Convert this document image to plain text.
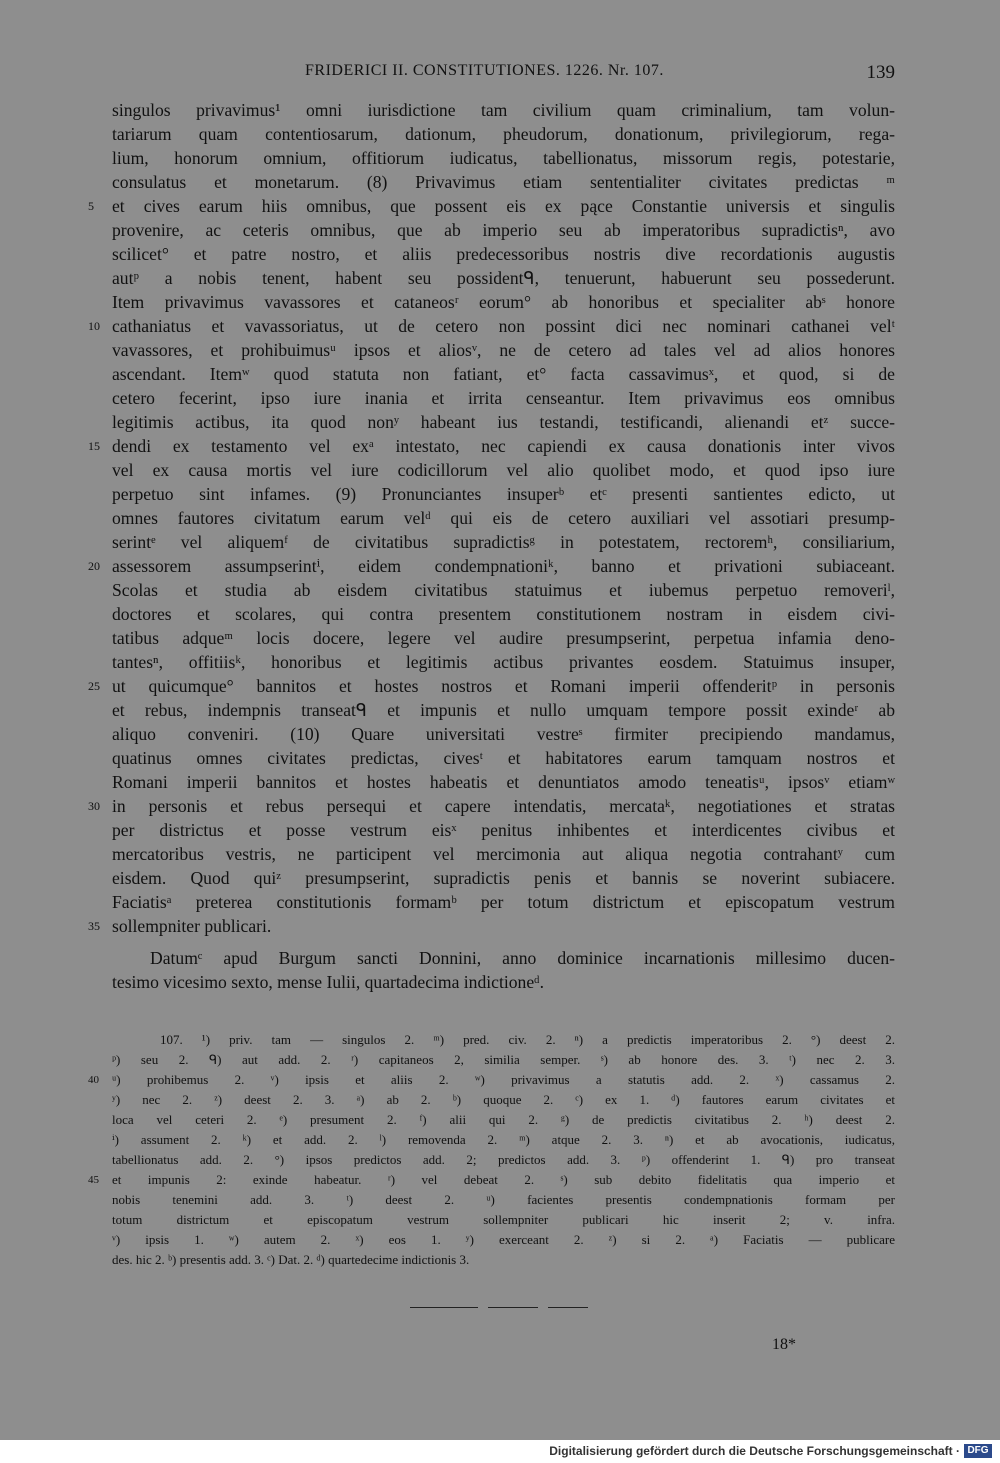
FRIDERICI II. CONSTITUTIONES. 1226. Nr. 107.	139
singulos privavimus¹ omni iurisdictione tam civilium quam criminalium, tam volun-
tariarum quam contentiosarum, dationum, pheudorum, donationum, privilegiorum, rega-
lium, honorum omnium, offitiorum iudicatus, tabellionatus, missorum regis, potestarie,
consulatus et monetarum. (8) Privavimus etiam sententialiter civitates predictas ᵐ
et cives earum hiis omnibus, que possent eis ex pące Constantie universis et singulis
provenire, ac ceteris omnibus, que ab imperio seu ab imperatoribus supradictisⁿ, avo
scilicet° et patre nostro, et aliis predecessoribus nostris dive recordationis augustis
autᵖ a nobis tenent, habent seu possidentᑫ, tenuerunt, habuerunt seu possederunt.
Item privavimus vavassores et cataneosʳ eorum° ab honoribus et specialiter abˢ honore
cathaniatus et vavassoriatus, ut de cetero non possint dici nec nominari cathanei velᵗ
vavassores, et prohibuimusᵘ ipsos et aliosᵛ, ne de cetero ad tales vel ad alios honores
ascendant. Itemʷ quod statuta non fatiant, et° facta cassavimusˣ, et quod, si de
cetero fecerint, ipso iure inania et irrita censeantur. Item privavimus eos omnibus
legitimis actibus, ita quod nonʸ habeant ius testandi, testificandi, alienandi etᶻ succe-
dendi ex testamento vel exᵃ intestato, nec capiendi ex causa donationis inter vivos
vel ex causa mortis vel iure codicillorum vel alio quolibet modo, et quod ipso iure
perpetuo sint infames. (9) Pronunciantes insuperᵇ etᶜ presenti santientes edicto, ut
omnes fautores civitatum earum velᵈ qui eis de cetero auxiliari vel assotiari presump-
serintᵉ vel aliquemᶠ de civitatibus supradictisᵍ in potestatem, rectoremʰ, consiliarium,
assessorem assumpserintⁱ, eidem condempnationiᵏ, banno et privationi subiaceant.
Scolas et studia ab eisdem civitatibus statuimus et iubemus perpetuo removeriˡ,
doctores et scolares, qui contra presentem constitutionem nostram in eisdem civi-
tatibus adqueᵐ locis docere, legere vel audire presumpserint, perpetua infamia deno-
tantesⁿ, offitiisᵏ, honoribus et legitimis actibus privantes eosdem. Statuimus insuper,
ut quicumque° bannitos et hostes nostros et Romani imperii offenderitᵖ in personis
et rebus, indempnis transeatᑫ et impunis et nullo umquam tempore possit exindeʳ ab
aliquo conveniri. (10) Quare universitati vestreˢ firmiter precipiendo mandamus,
quatinus omnes civitates predictas, civesᵗ et habitatores earum tamquam nostros et
Romani imperii bannitos et hostes habeatis et denuntiatos amodo teneatisᵘ, ipsosᵛ etiamʷ
in personis et rebus persequi et capere intendatis, mercataᵏ, negotiationes et stratas
per districtus et posse vestrum eisˣ penitus inhibentes et interdicentes civibus et
mercatoribus vestris, ne participent vel mercimonia aut aliqua negotia contrahantʸ cum
eisdem. Quod quiᶻ presumpserint, supradictis penis et bannis se noverint subiacere.
Faciatisᵃ preterea constitutionis formamᵇ per totum districtum et episcopatum vestrum
sollempniter publicari.
Datumᶜ apud Burgum sancti Donnini, anno dominice incarnationis millesimo ducen-
tesimo vicesimo sexto, mense Iulii, quartadecima indictioneᵈ.
5
10
15
20
25
30
35
107. ¹) priv. tam — singulos 2. ᵐ) pred. civ. 2. ⁿ) a predictis imperatoribus 2. °) deest 2.
ᵖ) seu 2. ᑫ) aut add. 2. ʳ) capitaneos 2, similia semper. ˢ) ab honore des. 3. ᵗ) nec 2. 3.
ᵘ) prohibemus 2. ᵛ) ipsis et aliis 2. ʷ) privavimus a statutis add. 2. ˣ) cassamus 2.
ʸ) nec 2. ᶻ) deest 2. 3. ᵃ) ab 2. ᵇ) quoque 2. ᶜ) ex 1. ᵈ) fautores earum civitates et
loca vel ceteri 2. ᵉ) presument 2. ᶠ) alii qui 2. ᵍ) de predictis civitatibus 2. ʰ) deest 2.
ⁱ) assument 2. ᵏ) et add. 2. ˡ) removenda 2. ᵐ) atque 2. 3. ⁿ) et ab avocationis, iudicatus,
tabellionatus add. 2. °) ipsos predictos add. 2; predictos add. 3. ᵖ) offenderint 1. ᑫ) pro transeat
et impunis 2: exinde habeatur. ʳ) vel debeat 2. ˢ) sub debito fidelitatis qua imperio et
nobis tenemini add. 3. ᵗ) deest 2. ᵘ) facientes presentis condempnationis formam per
totum districtum et episcopatum vestrum sollempniter publicari hic inserit 2; v. infra.
ᵛ) ipsis 1. ʷ) autem 2. ˣ) eos 1. ʸ) exerceant 2. ᶻ) si 2. ᵃ) Faciatis — publicare
des. hic 2. ᵇ) presentis add. 3. ᶜ) Dat. 2. ᵈ) quartedecime indictionis 3.
40
45
18*
Digitalisierung gefördert durch die Deutsche Forschungsgemeinschaft · DFG
